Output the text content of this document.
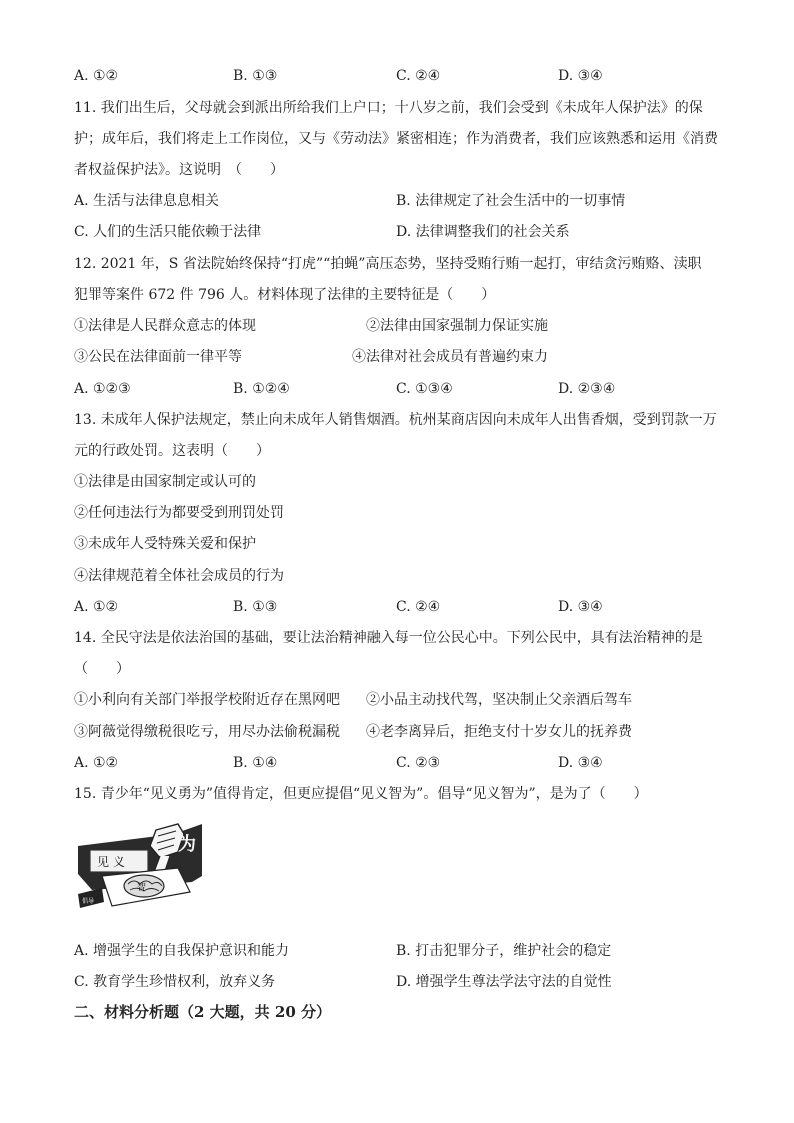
A. ①②	B. ①③	C. ②④	D. ③④
11. 我们出生后，父母就会到派出所给我们上户口；十八岁之前，我们会受到《未成年人保护法》的保
护；成年后，我们将走上工作岗位，又与《劳动法》紧密相连；作为消费者，我们应该熟悉和运用《消费
者权益保护法》。这说明　（　　）
A. 生活与法律息息相关	B. 法律规定了社会生活中的一切事情
C. 人们的生活只能依赖于法律	D. 法律调整我们的社会关系
12. 2021 年，S 省法院始终保持“打虎”“拍蝇”高压态势，坚持受贿行贿一起打，审结贪污贿赂、渎职
犯罪等案件 672 件 796 人。材料体现了法律的主要特征是（　　）
①法律是人民群众意志的体现	②法律由国家强制力保证实施
③公民在法律面前一律平等	④法律对社会成员有普遍约束力
A. ①②③	B. ①②④	C. ①③④	D. ②③④
13. 未成年人保护法规定，禁止向未成年人销售烟酒。杭州某商店因向未成年人出售香烟，受到罚款一万
元的行政处罚。这表明（　　）
①法律是由国家制定或认可的
②任何违法行为都要受到刑罚处罚
③未成年人受特殊关爱和保护
④法律规范着全体社会成员的行为
A. ①②	B. ①③	C. ②④	D. ③④
14. 全民守法是依法治国的基础，要让法治精神融入每一位公民心中。下列公民中，具有法治精神的是
（　　）
①小利向有关部门举报学校附近存在黑网吧 ②小品主动找代驾，坚决制止父亲酒后驾车
③阿薇觉得缴税很吃亏，用尽办法偷税漏税 ④老李离异后，拒绝支付十岁女儿的抚养费
A. ①②	B. ①④	C. ②③	D. ③④
15. 青少年“见义勇为”值得肯定，但更应提倡“见义智为”。倡导“见义智为”，是为了（　　）
见 义
为
智
倡导
A. 增强学生的自我保护意识和能力	B. 打击犯罪分子，维护社会的稳定
C. 教育学生珍惜权利，放弃义务	D. 增强学生尊法学法守法的自觉性
二、材料分析题（2 大题，共 20 分）
